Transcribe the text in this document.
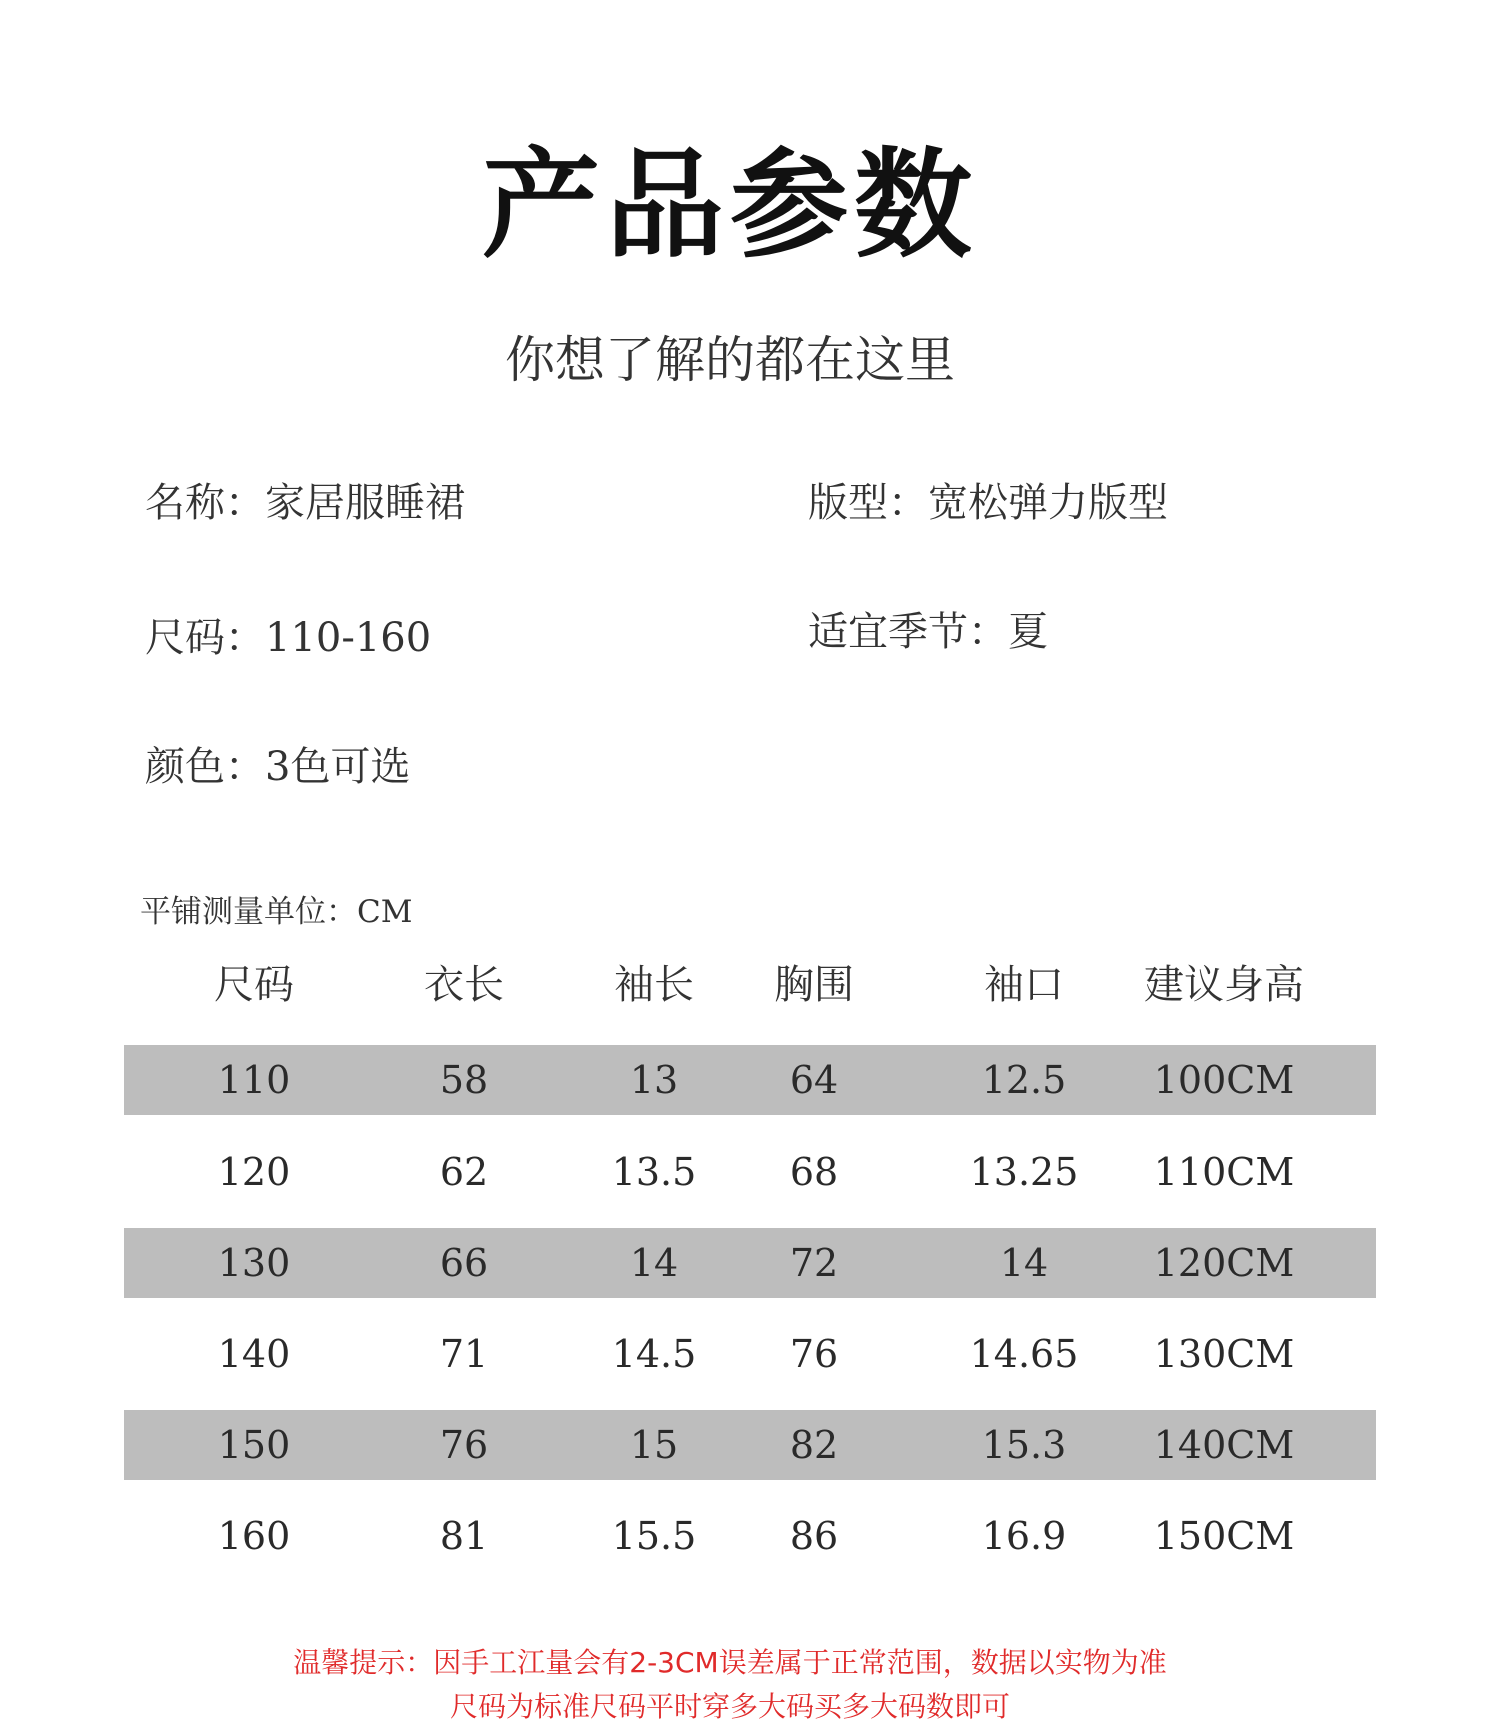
产品参数
你想了解的都在这里
名称：家居服睡裙	版型：宽松弹力版型
尺码：110-160	适宜季节：夏
颜色：3色可选
平铺测量单位：CM
尺码	衣长	袖长	胸围	袖口	建议身高
110	58	13	64	12.5	100CM
120	62	13.5	68	13.25	110CM
130	66	14	72	14	120CM
140	71	14.5	76	14.65	130CM
150	76	15	82	15.3	140CM
160	81	15.5	86	16.9	150CM
温馨提示：因手工江量会有2-3CM误差属于正常范围，数据以实物为准
尺码为标准尺码平时穿多大码买多大码数即可
